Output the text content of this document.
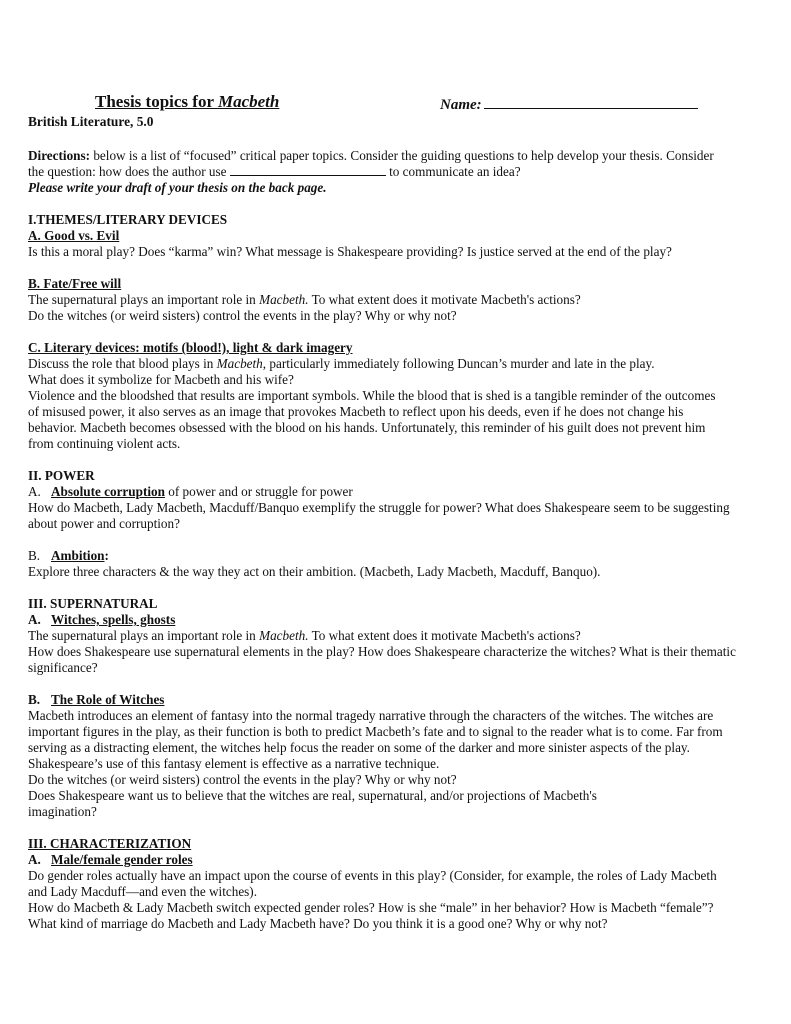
Thesis topics for Macbeth	Name:
British Literature, 5.0

Directions: below is a list of “focused” critical paper topics. Consider the guiding questions to help develop your thesis. Consider

the question: how does the author use	to communicate an idea?

Please write your draft of your thesis on the back page.

I.THEMES/LITERARY DEVICES

A. Good vs. Evil

Is this a moral play? Does “karma” win? What message is Shakespeare providing? Is justice served at the end of the play?

B. Fate/Free will

The supernatural plays an important role in Macbeth. To what extent does it motivate Macbeth's actions?

Do the witches (or weird sisters) control the events in the play? Why or why not?

C. Literary devices: motifs (blood!), light & dark imagery

Discuss the role that blood plays in Macbeth, particularly immediately following Duncan’s murder and late in the play.

What does it symbolize for Macbeth and his wife?

Violence and the bloodshed that results are important symbols. While the blood that is shed is a tangible reminder of the outcomes

of misused power, it also serves as an image that provokes Macbeth to reflect upon his deeds, even if he does not change his

behavior. Macbeth becomes obsessed with the blood on his hands. Unfortunately, this reminder of his guilt does not prevent him

from continuing violent acts.

II. POWER

A. Absolute corruption of power and or struggle for power

How do Macbeth, Lady Macbeth, Macduff/Banquo exemplify the struggle for power? What does Shakespeare seem to be suggesting

about power and corruption?

B. Ambition:

Explore three characters & the way they act on their ambition. (Macbeth, Lady Macbeth, Macduff, Banquo).

III. SUPERNATURAL

A. Witches, spells, ghosts

The supernatural plays an important role in Macbeth. To what extent does it motivate Macbeth's actions?

How does Shakespeare use supernatural elements in the play? How does Shakespeare characterize the witches? What is their thematic

significance?

B. The Role of Witches

Macbeth introduces an element of fantasy into the normal tragedy narrative through the characters of the witches. The witches are

important figures in the play, as their function is both to predict Macbeth’s fate and to signal to the reader what is to come. Far from

serving as a distracting element, the witches help focus the reader on some of the darker and more sinister aspects of the play.

Shakespeare’s use of this fantasy element is effective as a narrative technique.

Do the witches (or weird sisters) control the events in the play? Why or why not?

Does Shakespeare want us to believe that the witches are real, supernatural, and/or projections of Macbeth's

imagination?

III. CHARACTERIZATION

A. Male/female gender roles

Do gender roles actually have an impact upon the course of events in this play? (Consider, for example, the roles of Lady Macbeth

and Lady Macduff—and even the witches).

How do Macbeth & Lady Macbeth switch expected gender roles? How is she “male” in her behavior? How is Macbeth “female”?

What kind of marriage do Macbeth and Lady Macbeth have? Do you think it is a good one? Why or why not?
